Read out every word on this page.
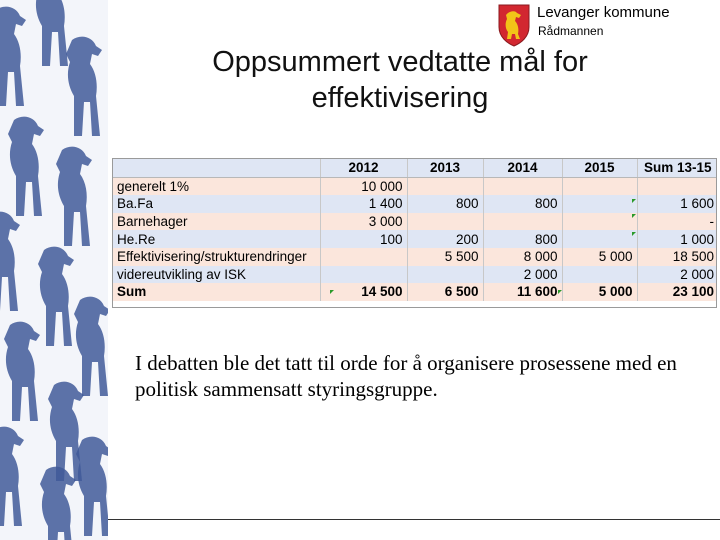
Levanger kommune
Rådmannen
Oppsummert vedtatte mål for effektivisering
	2012	2013	2014	2015	Sum 13-15
generelt 1%	10 000				
Ba.Fa	1 400	800	800		1 600
Barnehager	3 000				-
He.Re	100	200	800		1 000
Effektivisering/strukturendringer		5 500	8 000	5 000	18 500
videreutvikling av ISK			2 000		2 000
Sum	14 500	6 500	11 600	5 000	23 100
I debatten ble det tatt til orde for å organisere prosessene med en politisk sammensatt styringsgruppe.
